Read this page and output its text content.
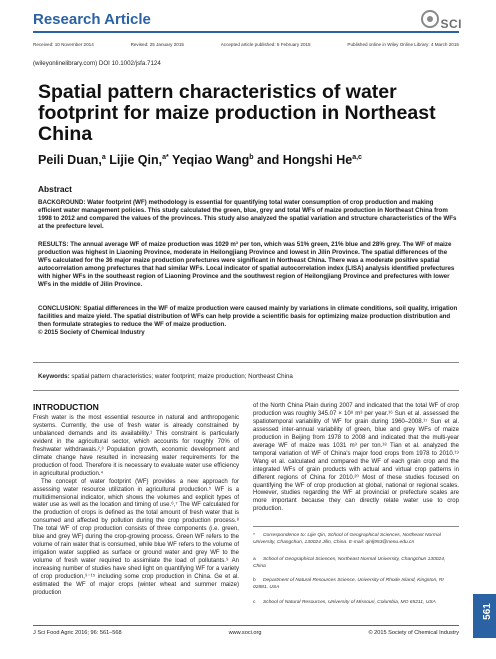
Research Article	SCI
Received: 10 November 2014	Revised: 25 January 2015	Accepted article published: 5 February 2015	Published online in Wiley Online Library: 4 March 2015
(wileyonlinelibrary.com) DOI 10.1002/jsfa.7124
Spatial pattern characteristics of water footprint for maize production in Northeast China
Peili Duan,$^a$ Lijie Qin,$^{a*}$ Yeqiao Wang$^b$ and Hongshi He$^{a,c}$
Abstract
BACKGROUND: Water footprint (WF) methodology is essential for quantifying total water consumption of crop production and making efficient water management policies. This study calculated the green, blue, grey and total WFs of maize production in Northeast China from 1998 to 2012 and compared the values of the provinces. This study also analyzed the spatial variation and structure characteristics of the WFs at the prefecture level.
RESULTS: The annual average WF of maize production was 1029 m³ per ton, which was 51% green, 21% blue and 28% grey. The WF of maize production was highest in Liaoning Province, moderate in Heilongjiang Province and lowest in Jilin Province. The spatial differences of the WFs calculated for the 36 major maize production prefectures were significant in Northeast China. There was a moderate positive spatial autocorrelation among prefectures that had similar WFs. Local indicator of spatial autocorrelation index (LISA) analysis identified prefectures with higher WFs in the southeast region of Liaoning Province and the southwest region of Heilongjiang Province and prefectures with lower WFs in the middle of Jilin Province.
CONCLUSION: Spatial differences in the WF of maize production were caused mainly by variations in climate conditions, soil quality, irrigation facilities and maize yield. The spatial distribution of WFs can help provide a scientific basis for optimizing maize production distribution and then formulate strategies to reduce the WF of maize production.
© 2015 Society of Chemical Industry
Keywords: spatial pattern characteristics; water footprint; maize production; Northeast China
INTRODUCTION

Fresh water is the most essential resource in natural and anthropogenic systems. Currently, the use of fresh water is already constrained by unbalanced demands and its availability.¹ This constraint is particularly evident in the agricultural sector, which accounts for roughly 70% of freshwater withdrawals.²,³ Population growth, economic development and climate change have resulted in increasing water requirements for the production of food. Therefore it is necessary to evaluate water use efficiency in agricultural production.⁴

The concept of water footprint (WF) provides a new approach for assessing water resource utilization in agricultural production.⁵ WF is a multidimensional indicator, which shows the volumes and explicit types of water use as well as the location and timing of use.⁶,⁷ The WF calculated for the production of crops is defined as the total amount of fresh water that is consumed and affected by pollution during the crop production process.⁸ The total WF of crop production consists of three components (i.e. green, blue and grey WF) during the crop-growing process. Green WF refers to the volume of rain water that is consumed, while blue WF refers to the volume of irrigation water supplied as surface or ground water and grey WF to the volume of fresh water required to assimilate the load of pollutants.⁹ An increasing number of studies have shed light on quantifying WF for a variety of crop production,⁹⁻¹⁵ including some crop production in China. Ge et al. estimated the WF of major crops (winter wheat and summer maize) production

of the North China Plain during 2007 and indicated that the total WF of crop production was roughly 345.07 × 10⁸ m³ per year.¹⁶ Sun et al. assessed the spatiotemporal variability of WF for grain during 1960–2008.¹⁷ Sun et al. assessed inter-annual variability of green, blue and grey WFs of maize production in Beijing from 1978 to 2008 and indicated that the multi-year average WF of maize was 1031 m³ per ton.¹⁸ Tian et al. analyzed the temporal variation of WF of China's major food crops from 1978 to 2010.¹⁹ Wang et al. calculated and compared the WF of each grain crop and the integrated WFs of grain products with actual and virtual crop patterns in different regions of China for 2010.²⁰ Most of these studies focused on quantifying the WF of crop production at global, national or regional scales. However, studies regarding the WF at provincial or prefecture scales are more important because they can directly relate water use to crop production.

* Correspondence to: Lijie Qin, School of Geographical Sciences, Northeast Normal University, Changchun, 130024 Jilin, China. E-mail: qinlj953@nenu.edu.cn
a School of Geographical Sciences, Northeast Normal University, Changchun 130024, China
b Department of Natural Resources Science, University of Rhode Island, Kingston, RI 02881, USA
c School of Natural Resources, University of Missouri, Columbia, MO 65211, USA
561
J Sci Food Agric 2016; 96: 561–568	www.soci.org	© 2015 Society of Chemical Industry
